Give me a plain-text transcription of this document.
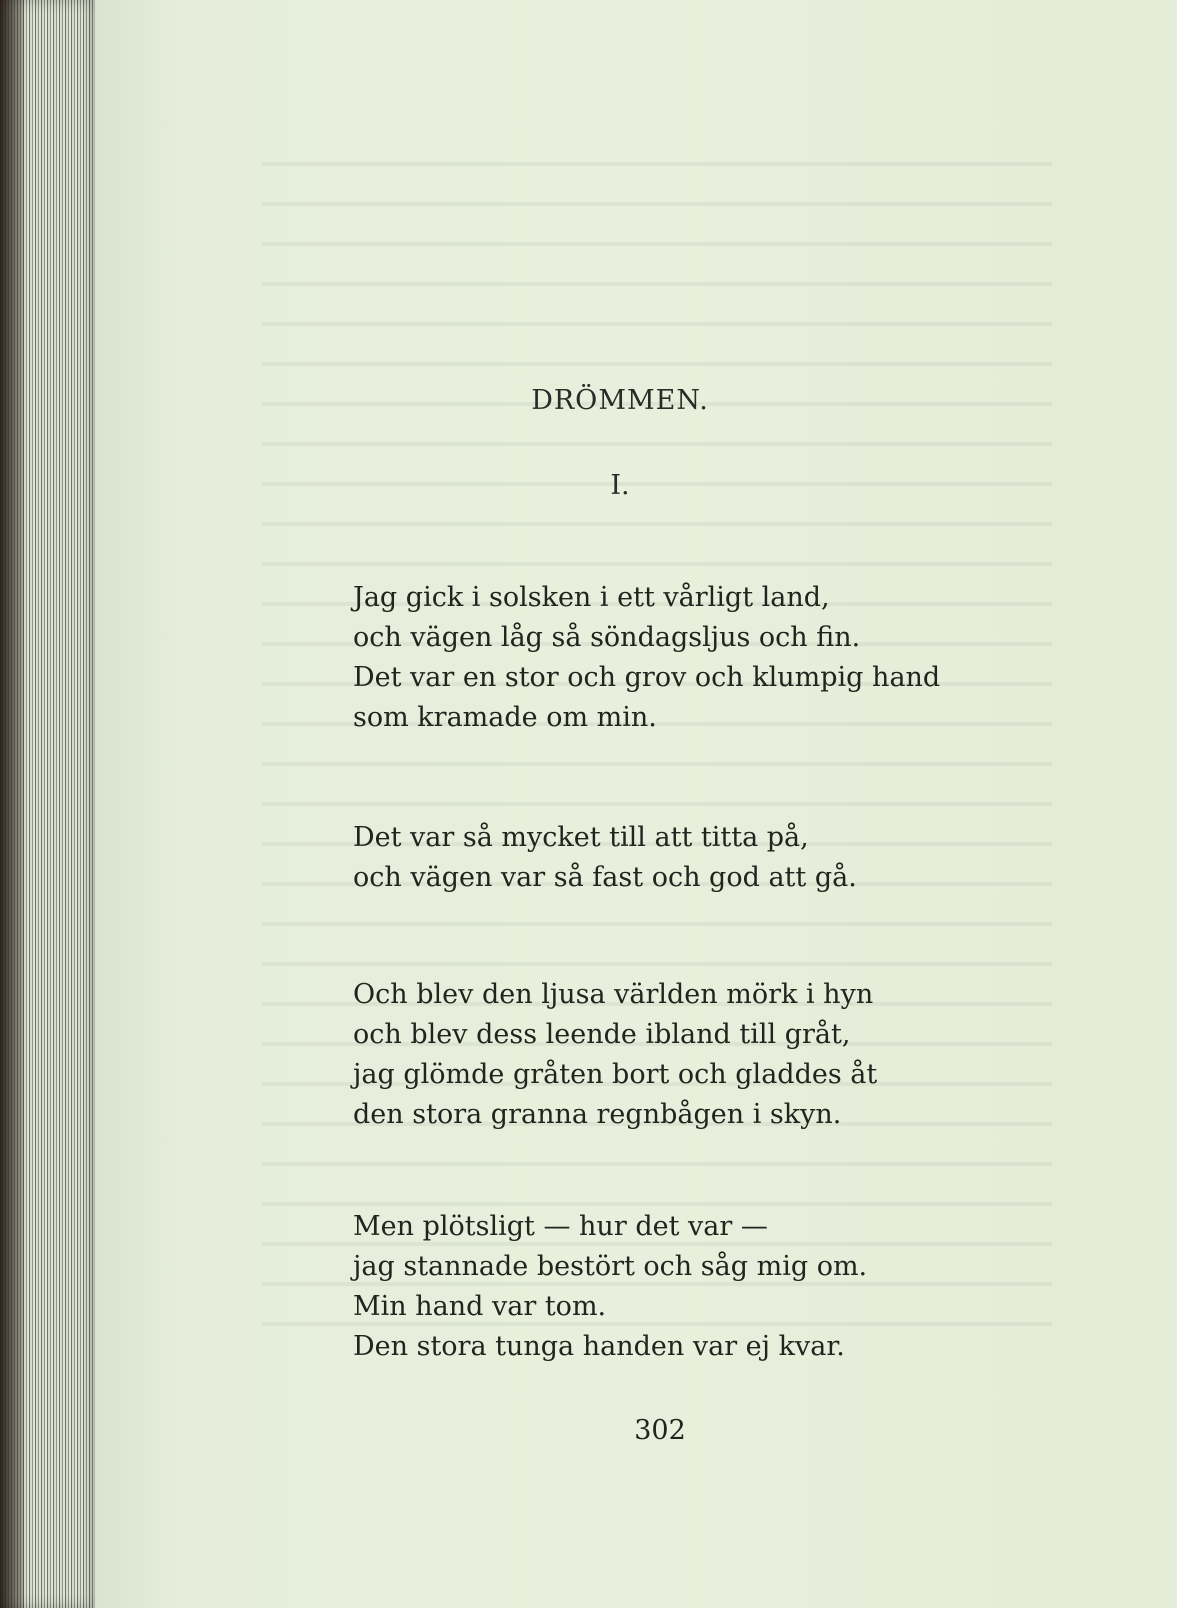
DRÖMMEN.
I.
Jag gick i solsken i ett vårligt land,
och vägen låg så söndagsljus och fin.
Det var en stor och grov och klumpig hand
som kramade om min.
Det var så mycket till att titta på,
och vägen var så fast och god att gå.
Och blev den ljusa världen mörk i hyn
och blev dess leende ibland till gråt,
jag glömde gråten bort och gladdes åt
den stora granna regnbågen i skyn.
Men plötsligt — hur det var —
jag stannade bestört och såg mig om.
Min hand var tom.
Den stora tunga handen var ej kvar.
302
